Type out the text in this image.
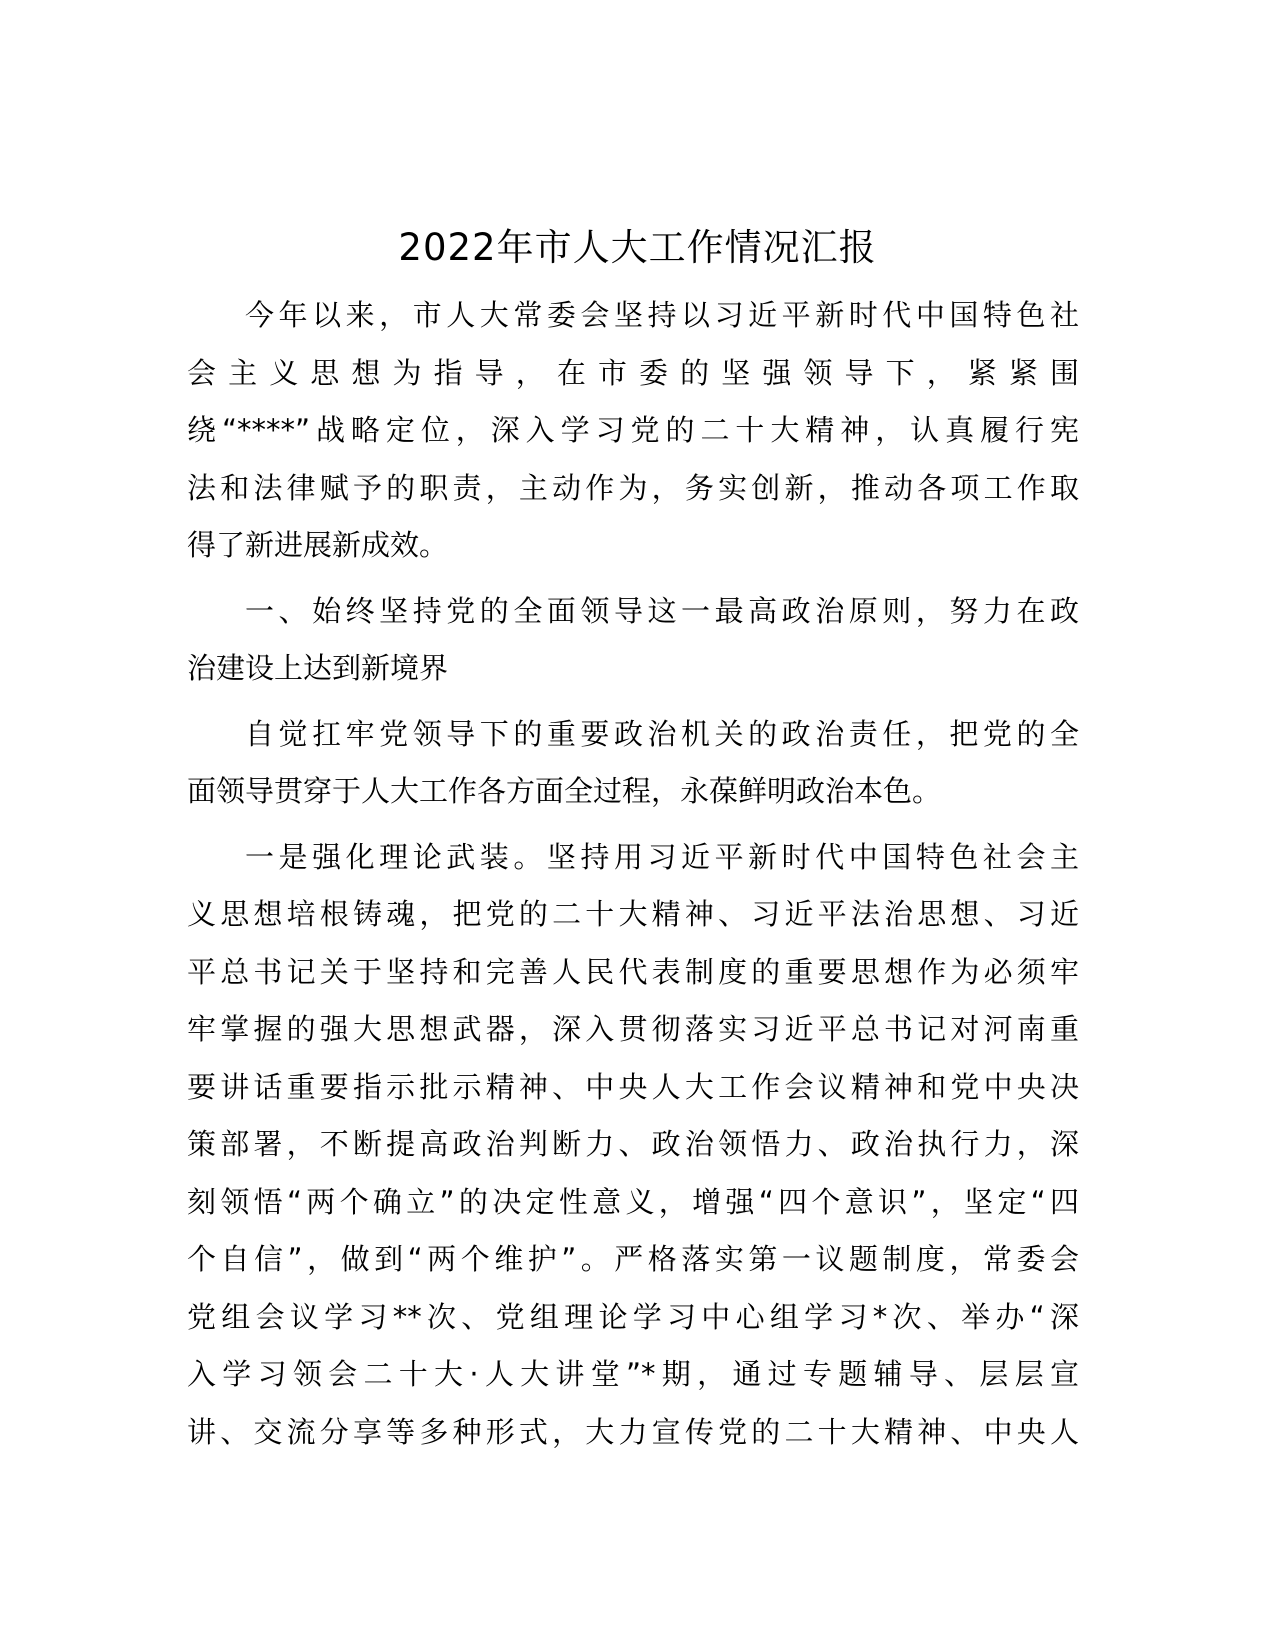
2022年市人大工作情况汇报
今年以来，市人大常委会坚持以习近平新时代中国特色社
会主义思想为指导，在市委的坚强领导下，紧紧围
绕“****”战略定位，深入学习党的二十大精神，认真履行宪
法和法律赋予的职责，主动作为，务实创新，推动各项工作取
得了新进展新成效。
一、始终坚持党的全面领导这一最高政治原则，努力在政
治建设上达到新境界
自觉扛牢党领导下的重要政治机关的政治责任，把党的全
面领导贯穿于人大工作各方面全过程，永葆鲜明政治本色。
一是强化理论武装。坚持用习近平新时代中国特色社会主
义思想培根铸魂，把党的二十大精神、习近平法治思想、习近
平总书记关于坚持和完善人民代表制度的重要思想作为必须牢
牢掌握的强大思想武器，深入贯彻落实习近平总书记对河南重
要讲话重要指示批示精神、中央人大工作会议精神和党中央决
策部署，不断提高政治判断力、政治领悟力、政治执行力，深
刻领悟“两个确立”的决定性意义，增强“四个意识”，坚定“四
个自信”，做到“两个维护”。严格落实第一议题制度，常委会
党组会议学习**次、党组理论学习中心组学习*次、举办“深
入学习领会二十大·人大讲堂”*期，通过专题辅导、层层宣
讲、交流分享等多种形式，大力宣传党的二十大精神、中央人
